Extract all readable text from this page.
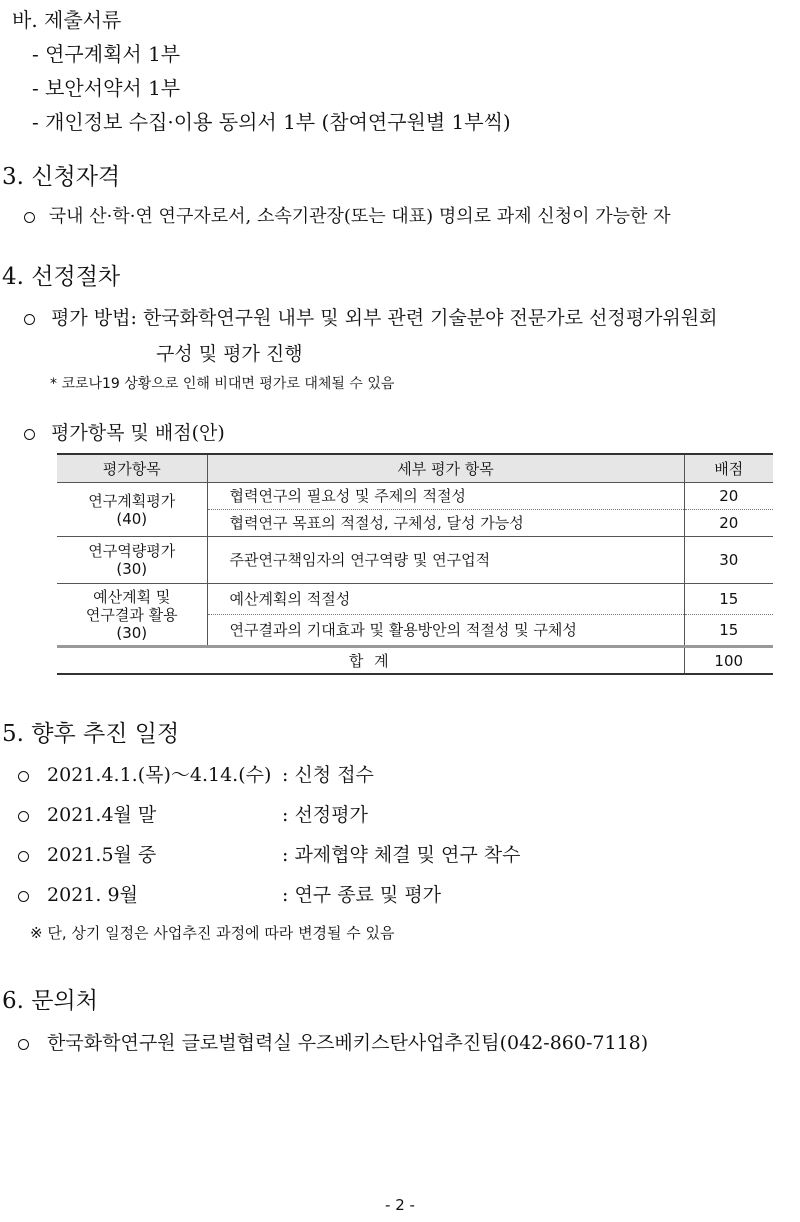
바. 제출서류
- 연구계획서 1부
- 보안서약서 1부
- 개인정보 수집·이용 동의서 1부 (참여연구원별 1부씩)
3. 신청자격
국내 산·학·연 연구자로서, 소속기관장(또는 대표) 명의로 과제 신청이 가능한 자
4. 선정절차
평가 방법: 한국화학연구원 내부 및 외부 관련 기술분야 전문가로 선정평가위원회
구성 및 평가 진행
* 코로나19 상황으로 인해 비대면 평가로 대체될 수 있음
평가항목 및 배점(안)
평가항목	세부 평가 항목	배점

연구계획평가
(40)	협력연구의 필요성 및 주제의 적절성	20
	협력연구 목표의 적절성, 구체성, 달성 가능성	20

연구역량평가
(30)	주관연구책임자의 연구역량 및 연구업적	30

예산계획 및
연구결과 활용
(30)	예산계획의 적절성	15
	연구결과의 기대효과 및 활용방안의 적절성 및 구체성	15
합 계		100
5. 향후 추진 일정
2021.4.1.(목)～4.14.(수) : 신청 접수
2021.4월 말	: 선정평가
2021.5월 중	: 과제협약 체결 및 연구 착수
2021. 9월	: 연구 종료 및 평가
※ 단, 상기 일정은 사업추진 과정에 따라 변경될 수 있음
6. 문의처
한국화학연구원 글로벌협력실 우즈베키스탄사업추진팀(042-860-7118)
- 2 -
